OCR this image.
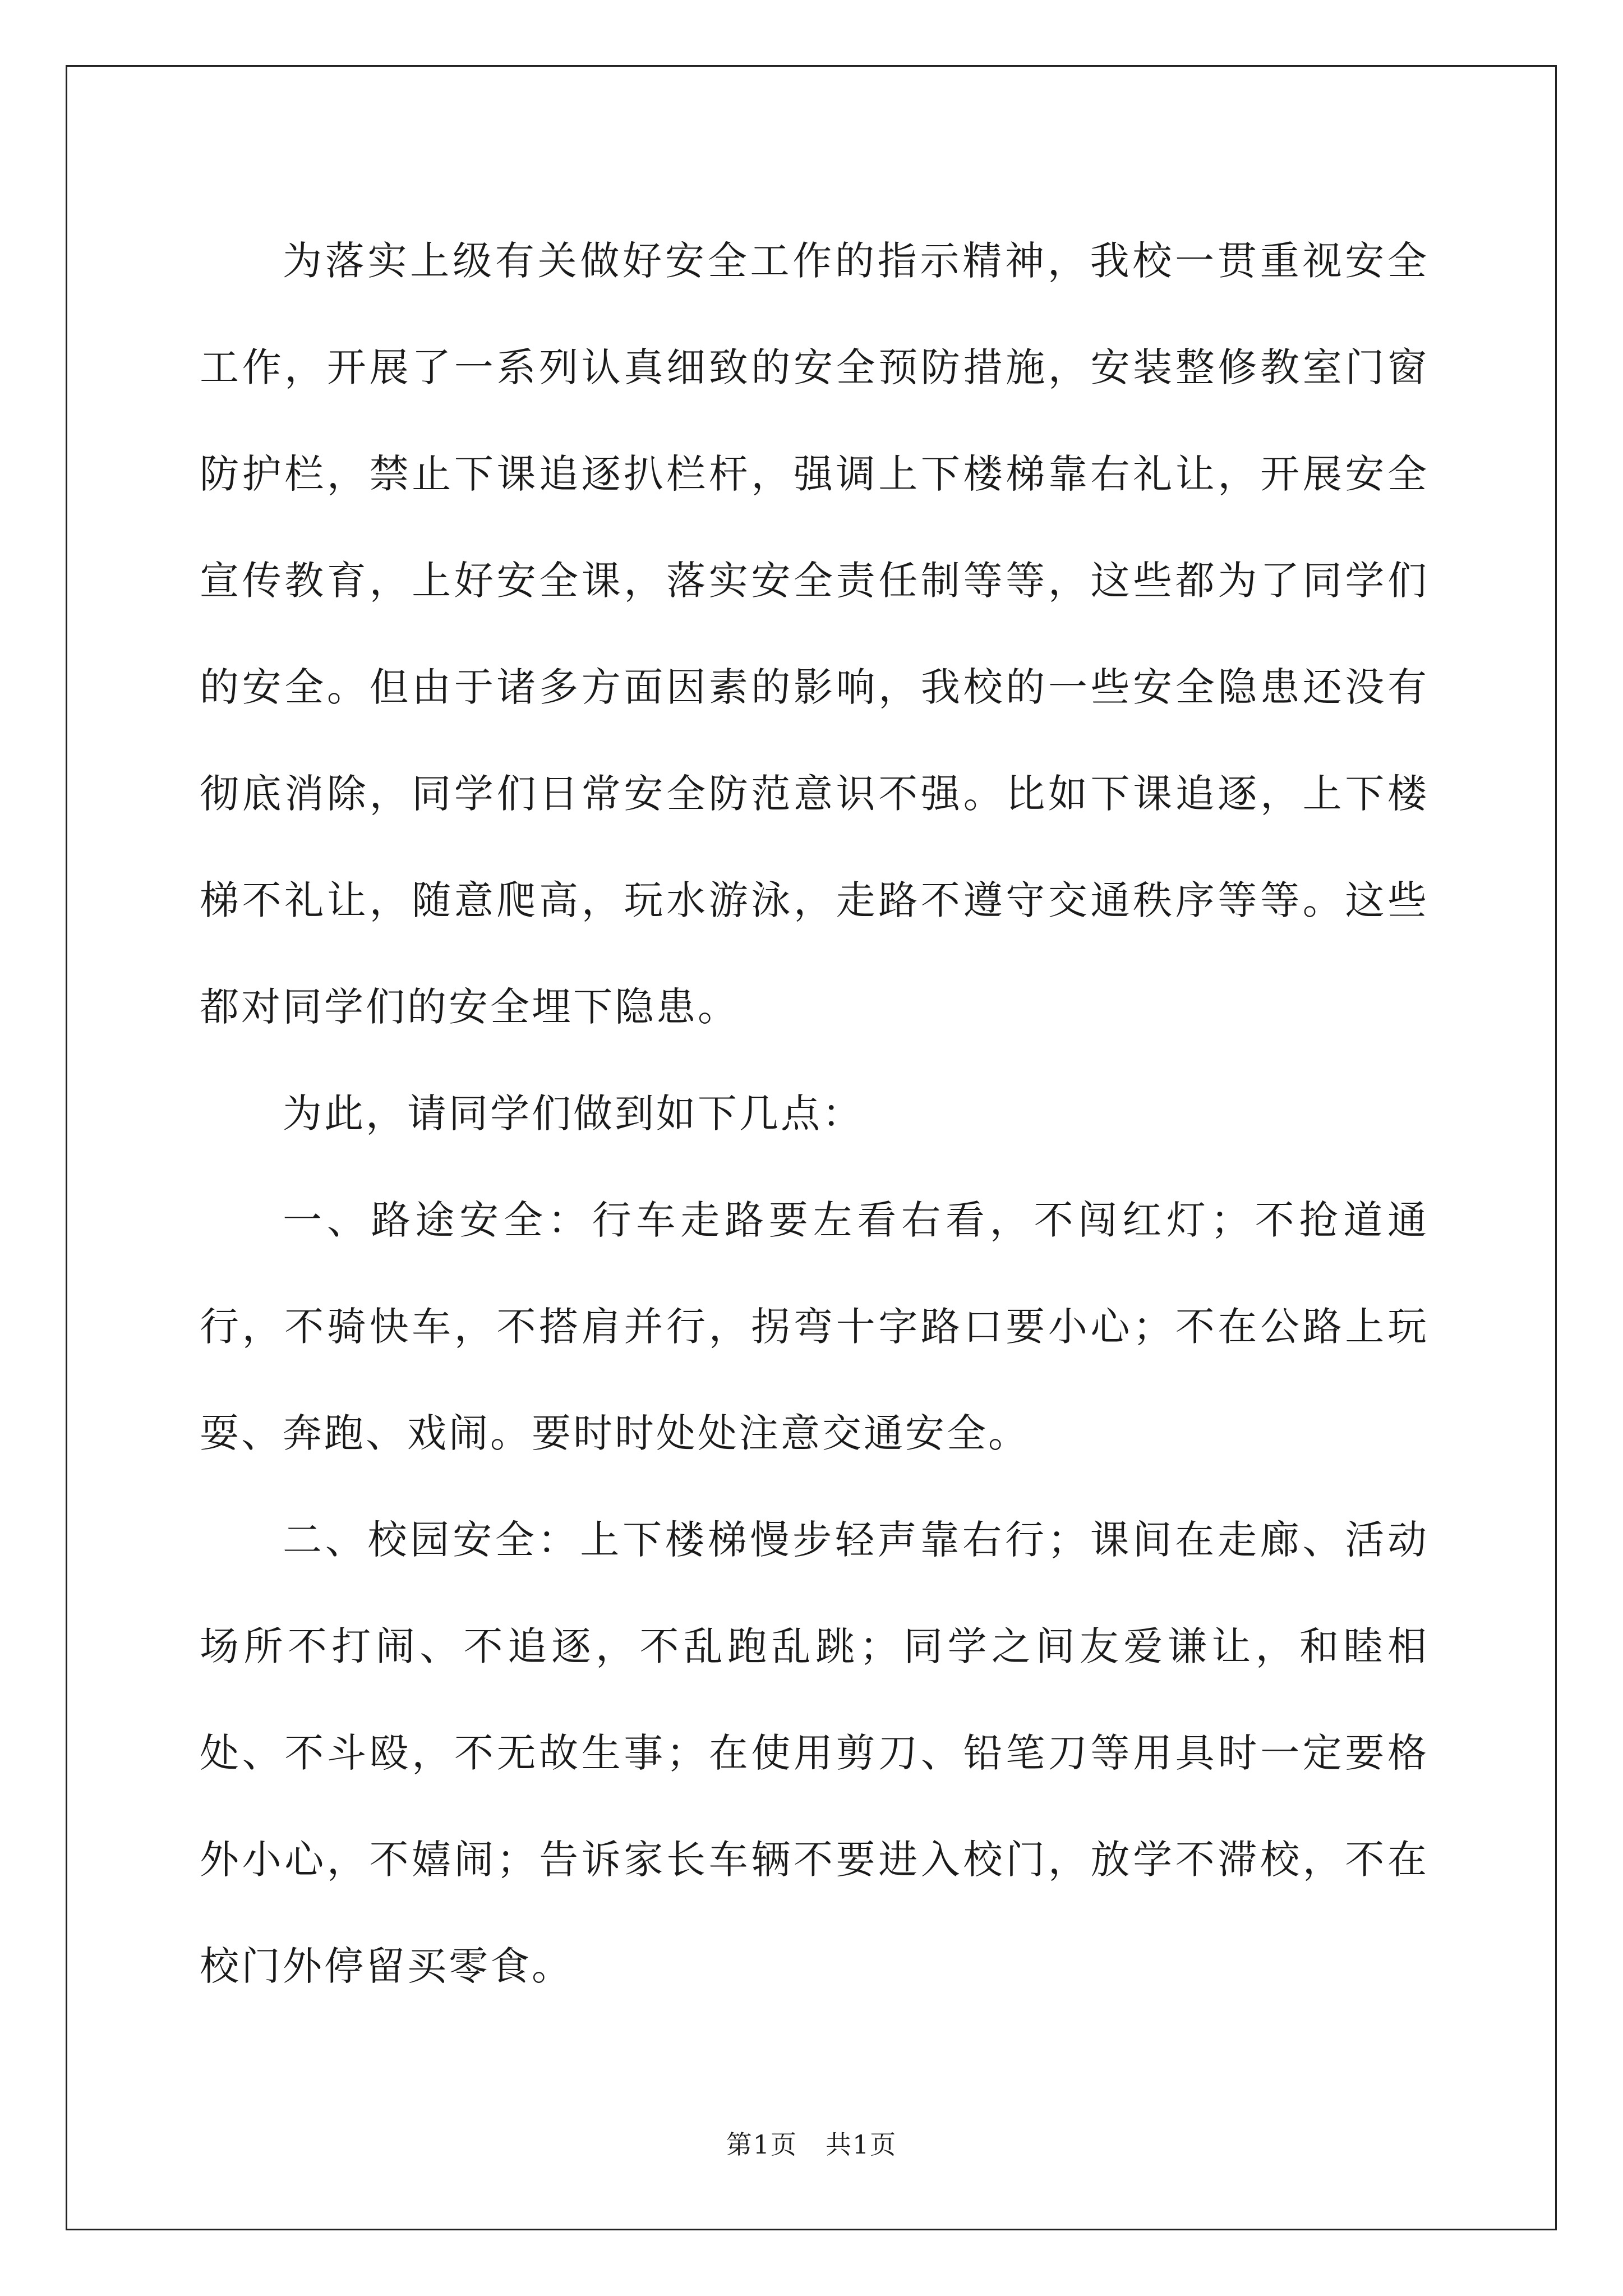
为落实上级有关做好安全工作的指示精神，我校一贯重视安全工作，开展了一系列认真细致的安全预防措施，安装整修教室门窗防护栏，禁止下课追逐扒栏杆，强调上下楼梯靠右礼让，开展安全宣传教育，上好安全课，落实安全责任制等等，这些都为了同学们的安全。但由于诸多方面因素的影响，我校的一些安全隐患还没有彻底消除，同学们日常安全防范意识不强。比如下课追逐，上下楼梯不礼让，随意爬高，玩水游泳，走路不遵守交通秩序等等。这些都对同学们的安全埋下隐患。

为此，请同学们做到如下几点：

一、路途安全：行车走路要左看右看，不闯红灯；不抢道通行，不骑快车，不搭肩并行，拐弯十字路口要小心；不在公路上玩耍、奔跑、戏闹。要时时处处注意交通安全。

二、校园安全：上下楼梯慢步轻声靠右行；课间在走廊、活动场所不打闹、不追逐，不乱跑乱跳；同学之间友爱谦让，和睦相处、不斗殴，不无故生事；在使用剪刀、铅笔刀等用具时一定要格外小心，不嬉闹；告诉家长车辆不要进入校门，放学不滞校，不在校门外停留买零食。

第1页 共1页
